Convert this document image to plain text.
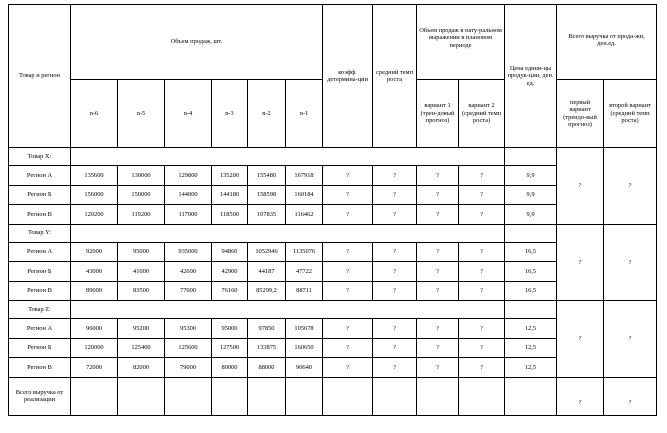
Товар и регион	Объем продаж, шт.						коэфф. детермина-ции	средний темп роста	Объем продаж в нату-ральном выражении в плановом периоде		Цена едини-цы продук-ции, ден. ед.	Всего выручка от прода-жи, ден.ед.	
	n-6	n-5	n-4	n-3	n-2	n-1			вариант 1 (трен-довый прогноз)	вариант 2 (средний темп роста)		первый вариант (трендо-вый прогноз)	второй вариант (средний темп роста)
Товар X:												?	?
Регион А	135600	130000	129800	135200	155480	167918	?	?	?	?	9,9		
Регион Б	156000	150000	144000	144180	158598	160184	?	?	?	?	9,9		
Регион В	120200	119200	117000	118500	107835	116462	?	?	?	?	9,9		
Товар Y:												?	?
Регион А	92000	95000	935000	94860	1052946	1135076	?	?	?	?	16,5		
Регион Б	43000	41000	42600	42900	44187	47722	?	?	?	?	16,5		
Регион В	89000	83500	77000	76160	85299,2	88711	?	?	?	?	16,5		
Товар Z:												?	?
Регион А	96000	95200	95300	95000	97850	105678	?	?	?	?	12,5		
Регион Б	120000	125400	125600	127500	133875	160650	?	?	?	?	12,5		
Регион В	72000	82000	79000	80000	88000	90640	?	?	?	?	12,5		
Всего выручка от реализации												?	?
